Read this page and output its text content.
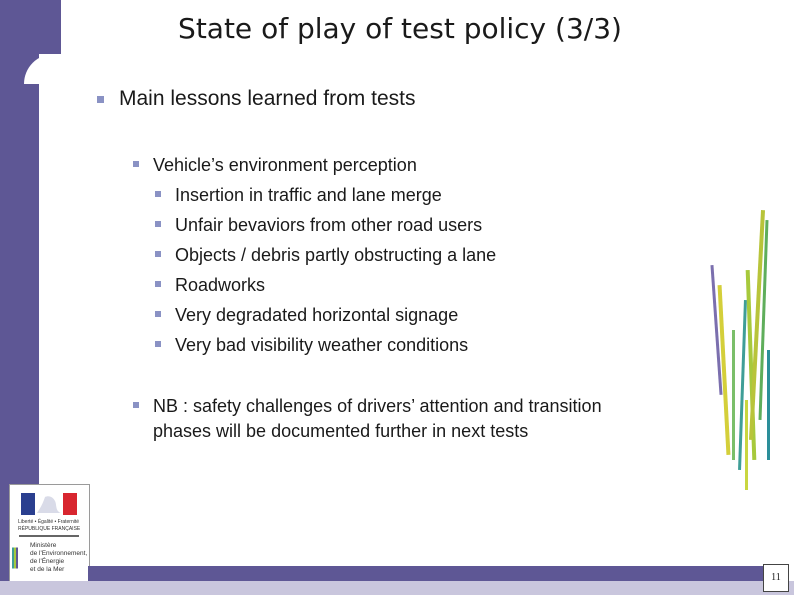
State of play of test policy (3/3)
Main lessons learned from tests
Vehicle’s environment perception
Insertion in traffic and lane merge
Unfair bevaviors from other road users
Objects / debris partly obstructing a lane
Roadworks
Very degradated horizontal signage
Very bad visibility weather conditions
NB : safety challenges of drivers’ attention and transition
phases will be documented further in next tests
Liberté • Égalité • Fraternité
RÉPUBLIQUE FRANÇAISE
Ministère
de l'Environnement,
de l'Énergie
et de la Mer
11
